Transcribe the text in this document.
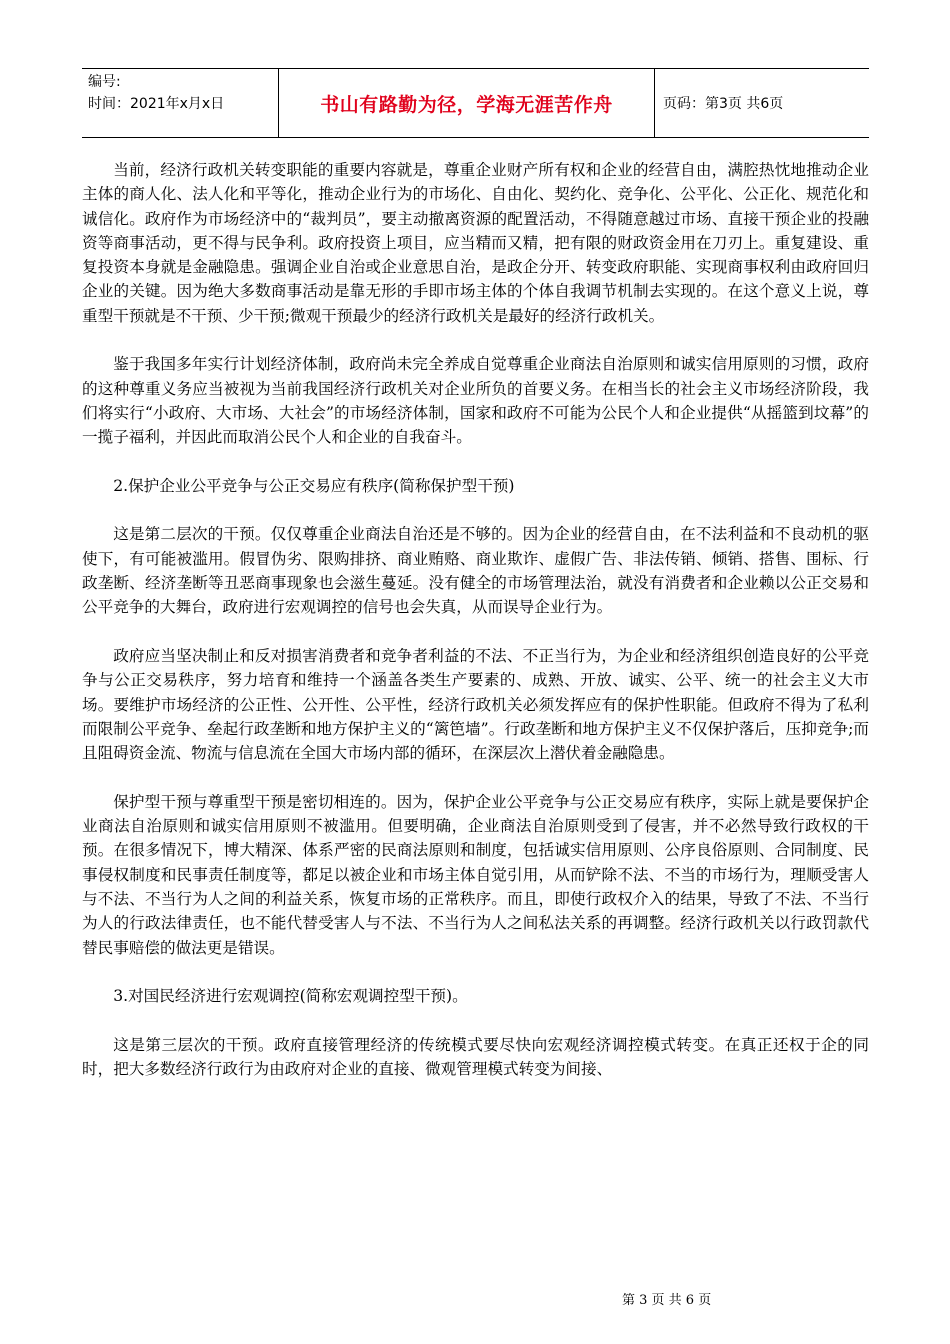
编号:
时间：2021年x月x日	书山有路勤为径，学海无涯苦作舟	页码：第3页 共6页

当前，经济行政机关转变职能的重要内容就是，尊重企业财产所有权和企业的经营自由，满腔热忱地推动企业主体的商人化、法人化和平等化，推动企业行为的市场化、自由化、契约化、竞争化、公平化、公正化、规范化和诚信化。政府作为市场经济中的“裁判员”，要主动撤离资源的配置活动，不得随意越过市场、直接干预企业的投融资等商事活动，更不得与民争利。政府投资上项目，应当精而又精，把有限的财政资金用在刀刃上。重复建设、重复投资本身就是金融隐患。强调企业自治或企业意思自治，是政企分开、转变政府职能、实现商事权利由政府回归企业的关键。因为绝大多数商事活动是靠无形的手即市场主体的个体自我调节机制去实现的。在这个意义上说，尊重型干预就是不干预、少干预;微观干预最少的经济行政机关是最好的经济行政机关。

鉴于我国多年实行计划经济体制，政府尚未完全养成自觉尊重企业商法自治原则和诚实信用原则的习惯，政府的这种尊重义务应当被视为当前我国经济行政机关对企业所负的首要义务。在相当长的社会主义市场经济阶段，我们将实行“小政府、大市场、大社会”的市场经济体制，国家和政府不可能为公民个人和企业提供“从摇篮到坟幕”的一揽子福利，并因此而取消公民个人和企业的自我奋斗。

2.保护企业公平竞争与公正交易应有秩序(简称保护型干预)

这是第二层次的干预。仅仅尊重企业商法自治还是不够的。因为企业的经营自由，在不法利益和不良动机的驱使下，有可能被滥用。假冒伪劣、限购排挤、商业贿赂、商业欺诈、虚假广告、非法传销、倾销、搭售、围标、行政垄断、经济垄断等丑恶商事现象也会滋生蔓延。没有健全的市场管理法治，就没有消费者和企业赖以公正交易和公平竞争的大舞台，政府进行宏观调控的信号也会失真，从而误导企业行为。

政府应当坚决制止和反对损害消费者和竞争者利益的不法、不正当行为，为企业和经济组织创造良好的公平竞争与公正交易秩序，努力培育和维持一个涵盖各类生产要素的、成熟、开放、诚实、公平、统一的社会主义大市场。要维护市场经济的公正性、公开性、公平性，经济行政机关必须发挥应有的保护性职能。但政府不得为了私利而限制公平竞争、垒起行政垄断和地方保护主义的“篱笆墙”。行政垄断和地方保护主义不仅保护落后，压抑竞争;而且阻碍资金流、物流与信息流在全国大市场内部的循环，在深层次上潜伏着金融隐患。

保护型干预与尊重型干预是密切相连的。因为，保护企业公平竞争与公正交易应有秩序，实际上就是要保护企业商法自治原则和诚实信用原则不被滥用。但要明确，企业商法自治原则受到了侵害，并不必然导致行政权的干预。在很多情况下，博大精深、体系严密的民商法原则和制度，包括诚实信用原则、公序良俗原则、合同制度、民事侵权制度和民事责任制度等，都足以被企业和市场主体自觉引用，从而铲除不法、不当的市场行为，理顺受害人与不法、不当行为人之间的利益关系，恢复市场的正常秩序。而且，即使行政权介入的结果，导致了不法、不当行为人的行政法律责任，也不能代替受害人与不法、不当行为人之间私法关系的再调整。经济行政机关以行政罚款代替民事赔偿的做法更是错误。

3.对国民经济进行宏观调控(简称宏观调控型干预)。

这是第三层次的干预。政府直接管理经济的传统模式要尽快向宏观经济调控模式转变。在真正还权于企的同时，把大多数经济行政行为由政府对企业的直接、微观管理模式转变为间接、

第 3 页 共 6 页
